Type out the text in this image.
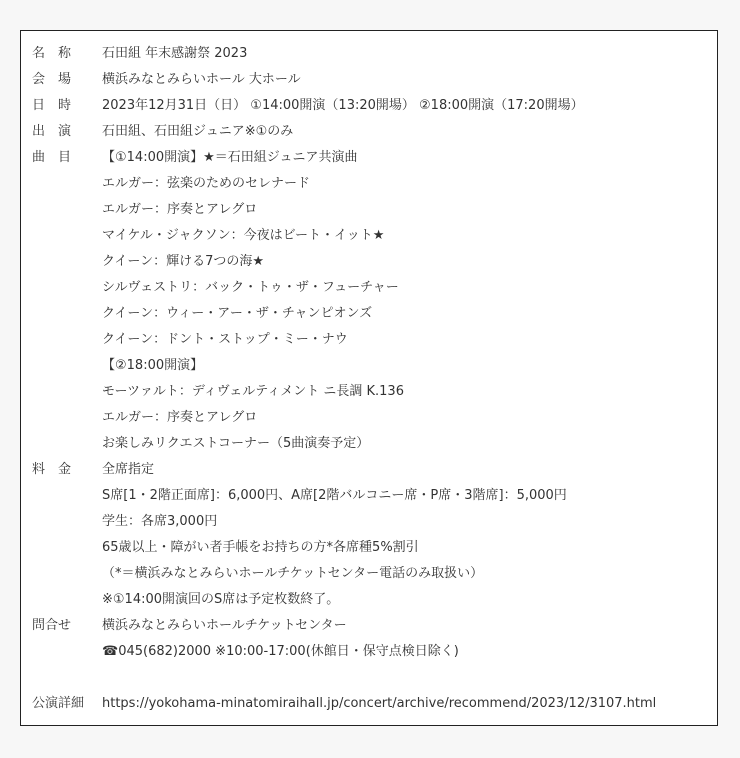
名　称	石田組 年末感謝祭 2023
会　場	横浜みなとみらいホール 大ホール
日　時	2023年12月31日（日） ①14:00開演（13:20開場） ②18:00開演（17:20開場）
出　演	石田組、石田組ジュニア※①のみ
曲　目	【①14:00開演】★＝石田組ジュニア共演曲
	エルガー：弦楽のためのセレナード
	エルガー：序奏とアレグロ
	マイケル・ジャクソン：今夜はビート・イット★
	クイーン：輝ける7つの海★
	シルヴェストリ：バック・トゥ・ザ・フューチャー
	クイーン：ウィー・アー・ザ・チャンピオンズ
	クイーン：ドント・ストップ・ミー・ナウ
	【②18:00開演】
	モーツァルト：ディヴェルティメント ニ長調 K.136
	エルガー：序奏とアレグロ
	お楽しみリクエストコーナー（5曲演奏予定）
料　金	全席指定
	S席[1・2階正面席]：6,000円、A席[2階バルコニー席・P席・3階席]：5,000円
	学生：各席3,000円
	65歳以上・障がい者手帳をお持ちの方*各席種5%割引
	（*＝横浜みなとみらいホールチケットセンター電話のみ取扱い）
	※①14:00開演回のS席は予定枚数終了。
問合せ	横浜みなとみらいホールチケットセンター
	☎045(682)2000 ※10:00-17:00(休館日・保守点検日除く)

公演詳細	https://yokohama-minatomiraihall.jp/concert/archive/recommend/2023/12/3107.html
